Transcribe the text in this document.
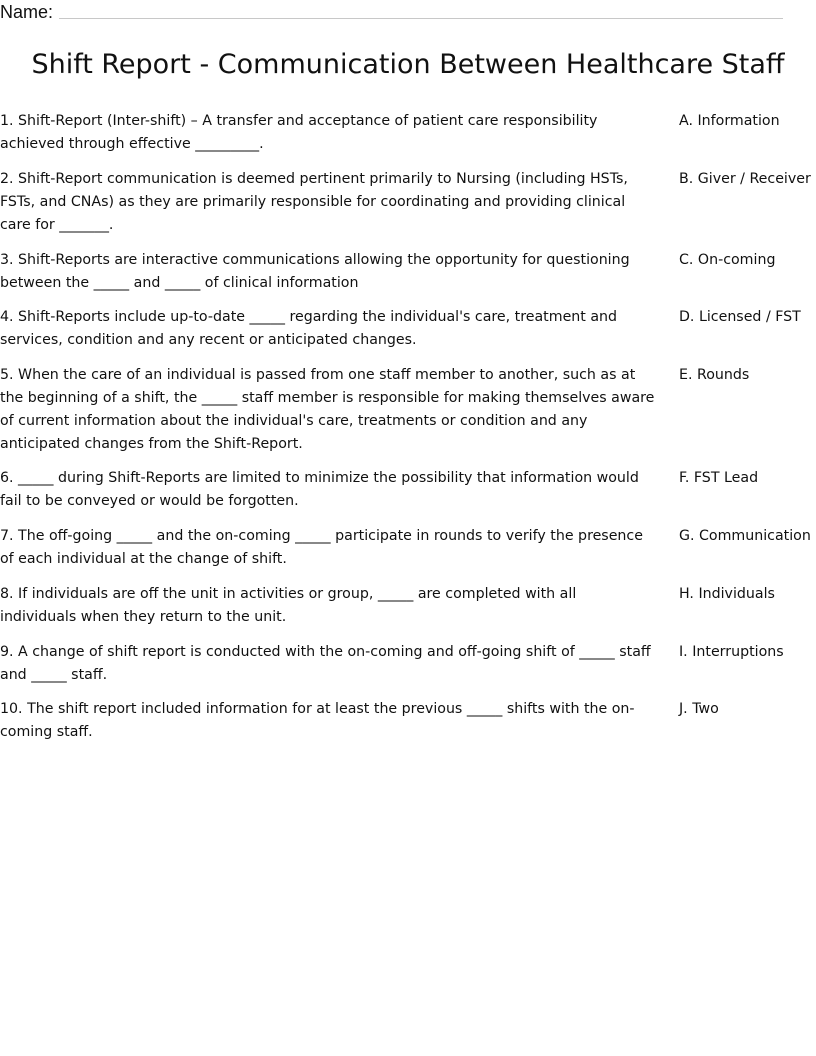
Name:
Shift Report - Communication Between Healthcare Staff

1. Shift-Report (Inter-shift) – A transfer and acceptance of patient care responsibility achieved through effective _________.

A. Information

2. Shift-Report communication is deemed pertinent primarily to Nursing (including HSTs, FSTs, and CNAs) as they are primarily responsible for coordinating and providing clinical care for _______.

B. Giver / Receiver

3. Shift-Reports are interactive communications allowing the opportunity for questioning between the _____ and _____ of clinical information

C. On-coming

4. Shift-Reports include up-to-date _____ regarding the individual's care, treatment and services, condition and any recent or anticipated changes.

D. Licensed / FST

5. When the care of an individual is passed from one staff member to another, such as at the beginning of a shift, the _____ staff member is responsible for making themselves aware of current information about the individual's care, treatments or condition and any anticipated changes from the Shift-Report.

E. Rounds

6. _____ during Shift-Reports are limited to minimize the possibility that information would fail to be conveyed or would be forgotten.

F. FST Lead

7. The off-going _____ and the on-coming _____ participate in rounds to verify the presence of each individual at the change of shift.

G. Communication

8. If individuals are off the unit in activities or group, _____ are completed with all individuals when they return to the unit.

H. Individuals

9. A change of shift report is conducted with the on-coming and off-going shift of _____ staff and _____ staff.

I. Interruptions

10. The shift report included information for at least the previous _____ shifts with the on-coming staff.

J. Two
